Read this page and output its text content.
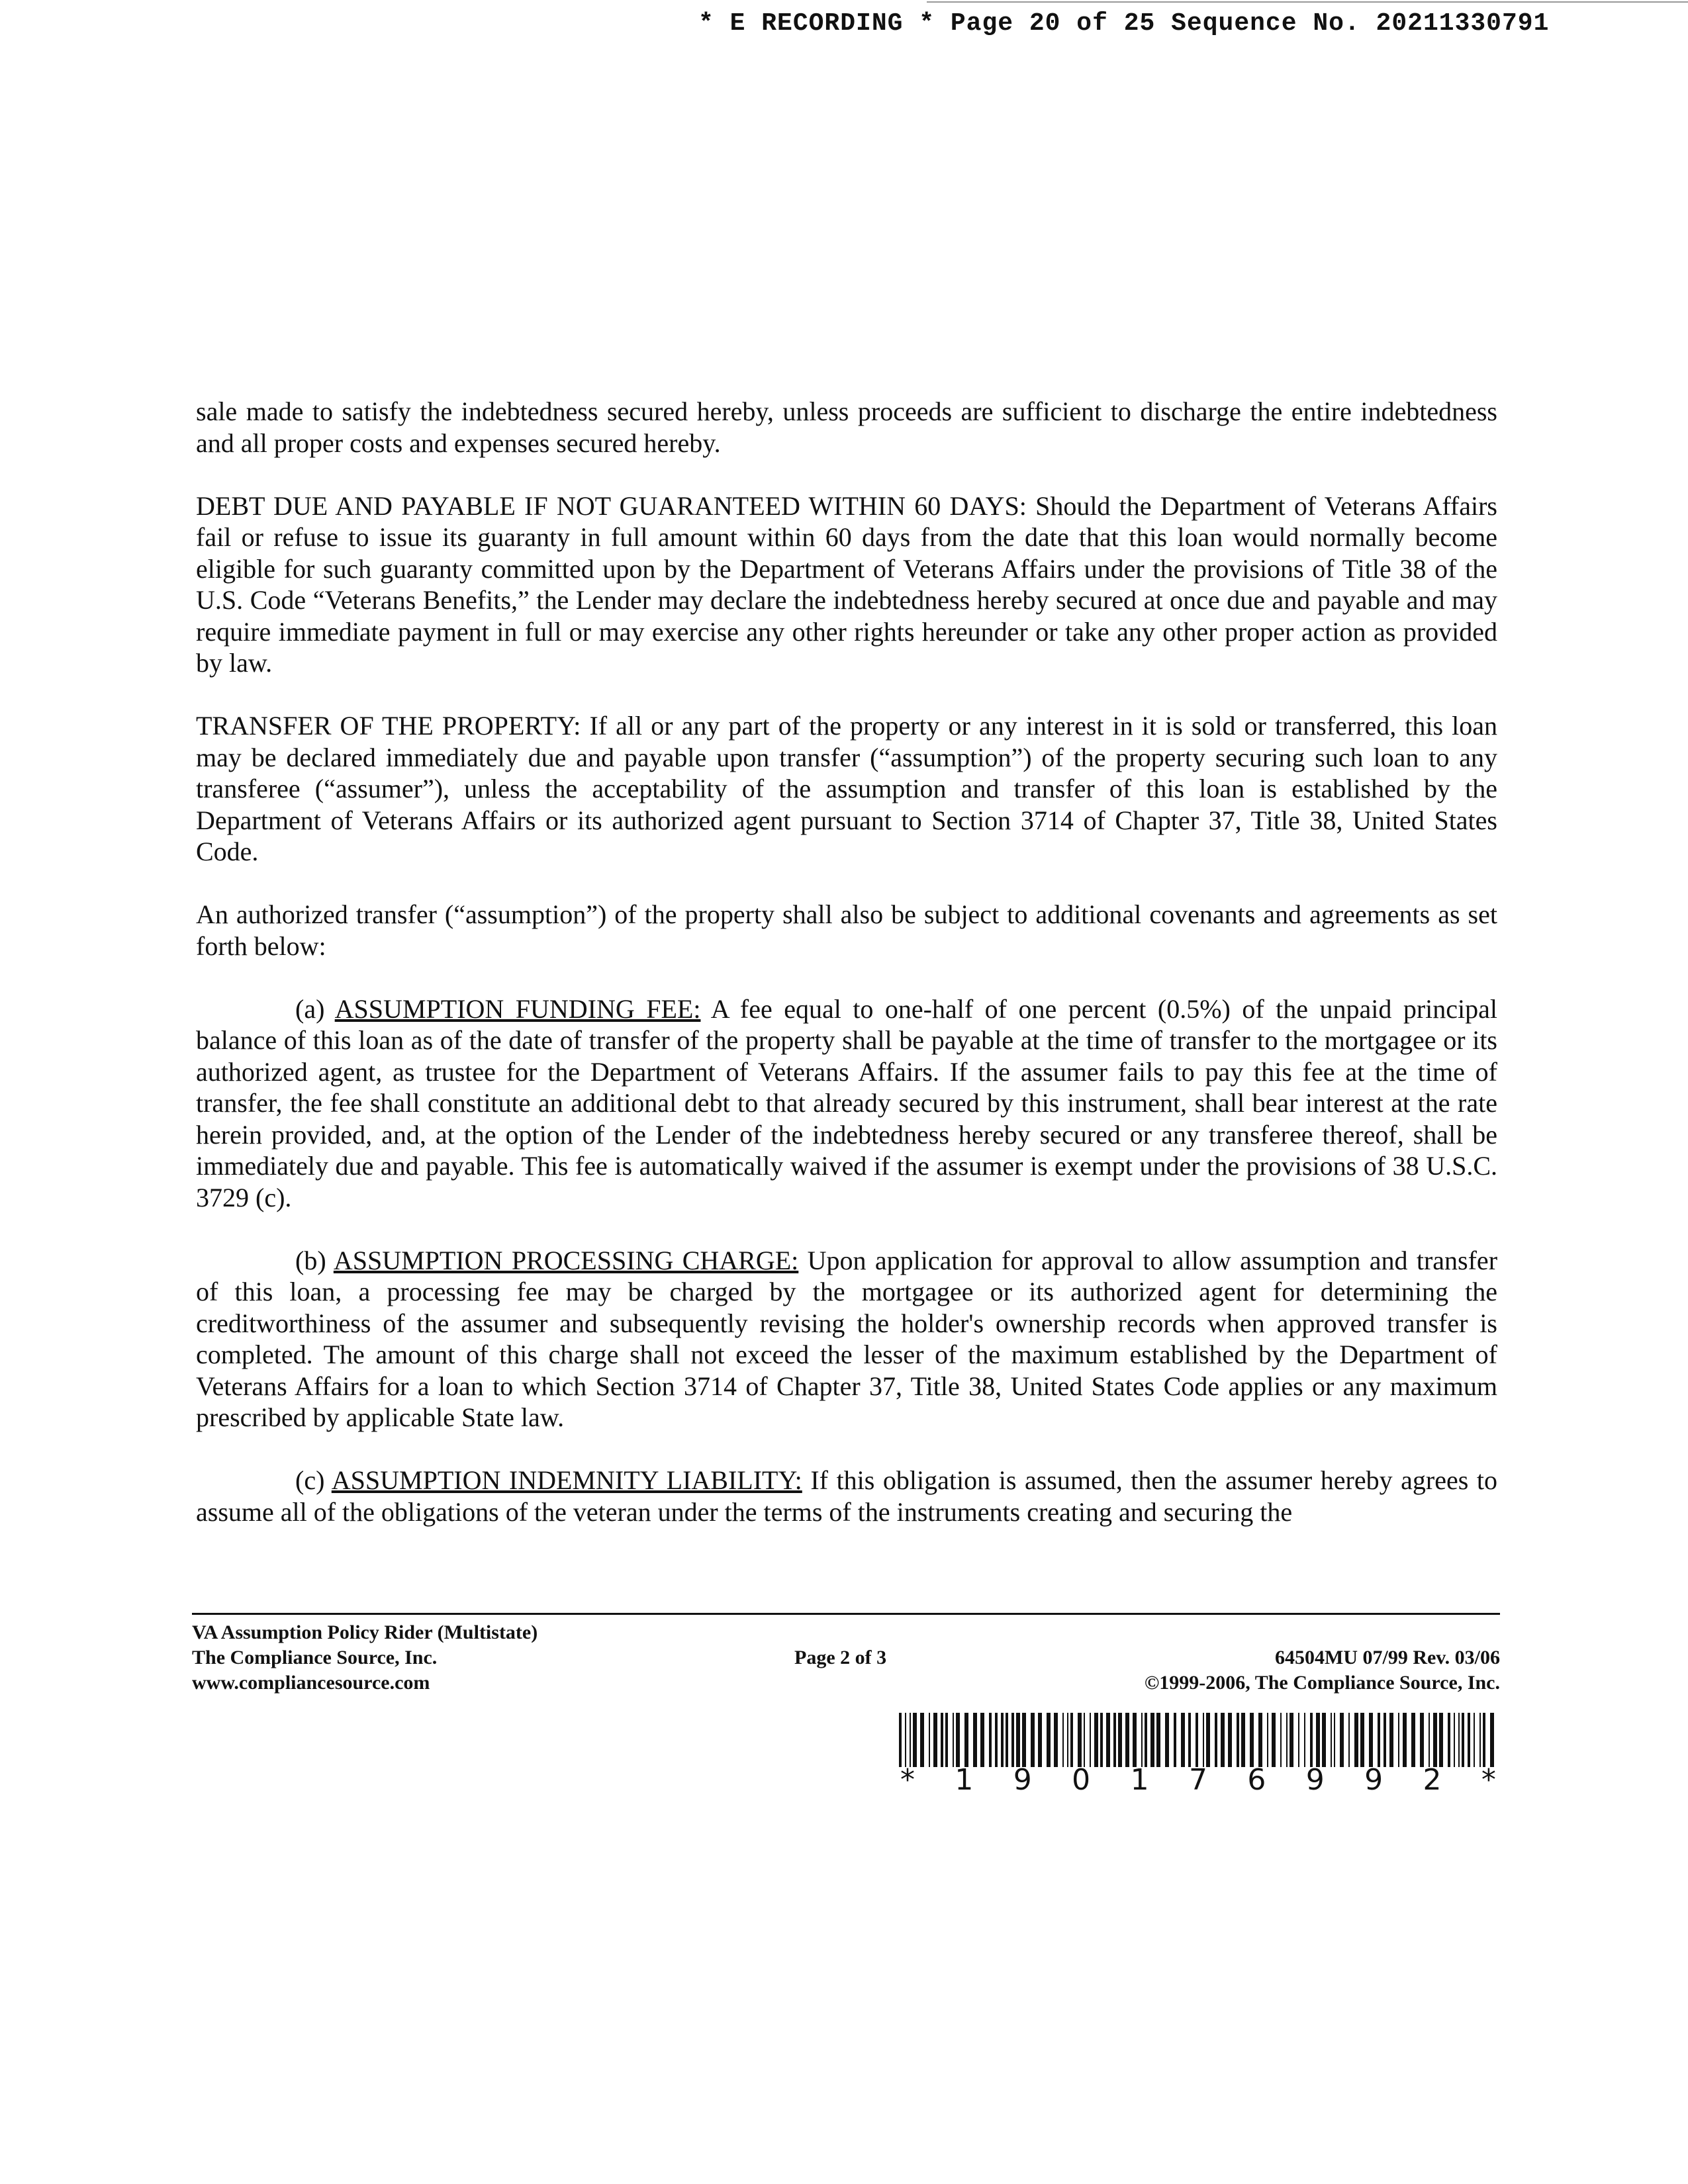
* E RECORDING * Page 20 of 25 Sequence No. 20211330791

sale made to satisfy the indebtedness secured hereby, unless proceeds are sufficient to discharge the entire indebtedness and all proper costs and expenses secured hereby.

DEBT DUE AND PAYABLE IF NOT GUARANTEED WITHIN 60 DAYS: Should the Department of Veterans Affairs fail or refuse to issue its guaranty in full amount within 60 days from the date that this loan would normally become eligible for such guaranty committed upon by the Department of Veterans Affairs under the provisions of Title 38 of the U.S. Code “Veterans Benefits,” the Lender may declare the indebtedness hereby secured at once due and payable and may require immediate payment in full or may exercise any other rights hereunder or take any other proper action as provided by law.

TRANSFER OF THE PROPERTY: If all or any part of the property or any interest in it is sold or transferred, this loan may be declared immediately due and payable upon transfer (“assumption”) of the property securing such loan to any transferee (“assumer”), unless the acceptability of the assumption and transfer of this loan is established by the Department of Veterans Affairs or its authorized agent pursuant to Section 3714 of Chapter 37, Title 38, United States Code.

An authorized transfer (“assumption”) of the property shall also be subject to additional covenants and agreements as set forth below:

(a) ASSUMPTION FUNDING FEE: A fee equal to one-half of one percent (0.5%) of the unpaid principal balance of this loan as of the date of transfer of the property shall be payable at the time of transfer to the mortgagee or its authorized agent, as trustee for the Department of Veterans Affairs. If the assumer fails to pay this fee at the time of transfer, the fee shall constitute an additional debt to that already secured by this instrument, shall bear interest at the rate herein provided, and, at the option of the Lender of the indebtedness hereby secured or any transferee thereof, shall be immediately due and payable. This fee is automatically waived if the assumer is exempt under the provisions of 38 U.S.C. 3729 (c).

(b) ASSUMPTION PROCESSING CHARGE: Upon application for approval to allow assumption and transfer of this loan, a processing fee may be charged by the mortgagee or its authorized agent for determining the creditworthiness of the assumer and subsequently revising the holder's ownership records when approved transfer is completed. The amount of this charge shall not exceed the lesser of the maximum established by the Department of Veterans Affairs for a loan to which Section 3714 of Chapter 37, Title 38, United States Code applies or any maximum prescribed by applicable State law.

(c) ASSUMPTION INDEMNITY LIABILITY: If this obligation is assumed, then the assumer hereby agrees to assume all of the obligations of the veteran under the terms of the instruments creating and securing the

VA Assumption Policy Rider (Multistate)
The Compliance Source, Inc.
www.compliancesource.com
Page 2 of 3	64504MU 07/99 Rev. 03/06
©1999-2006, The Compliance Source, Inc.
* 1 9 0 1 7 6 9 9 2 *
